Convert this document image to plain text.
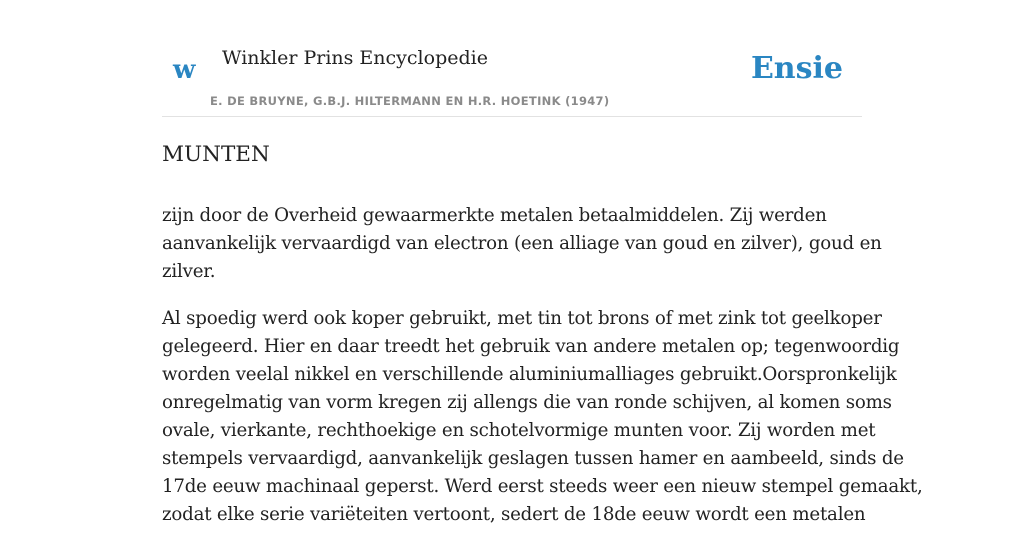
w Winkler Prins Encyclopedie
E. DE BRUYNE, G.B.J. HILTERMANN EN H.R. HOETINK (1947)
Ensie
MUNTEN

zijn door de Overheid gewaarmerkte metalen betaalmiddelen. Zij werden
aanvankelijk vervaardigd van electron (een alliage van goud en zilver), goud en
zilver.

Al spoedig werd ook koper gebruikt, met tin tot brons of met zink tot geelkoper
gelegeerd. Hier en daar treedt het gebruik van andere metalen op; tegenwoordig
worden veelal nikkel en verschillende aluminiumalliages gebruikt.Oorspronkelijk
onregelmatig van vorm kregen zij allengs die van ronde schijven, al komen soms
ovale, vierkante, rechthoekige en schotelvormige munten voor. Zij worden met
stempels vervaardigd, aanvankelijk geslagen tussen hamer en aambeeld, sinds de
17de eeuw machinaal geperst. Werd eerst steeds weer een nieuw stempel gemaakt,
zodat elke serie variëteiten vertoont, sedert de 18de eeuw wordt een metalen
